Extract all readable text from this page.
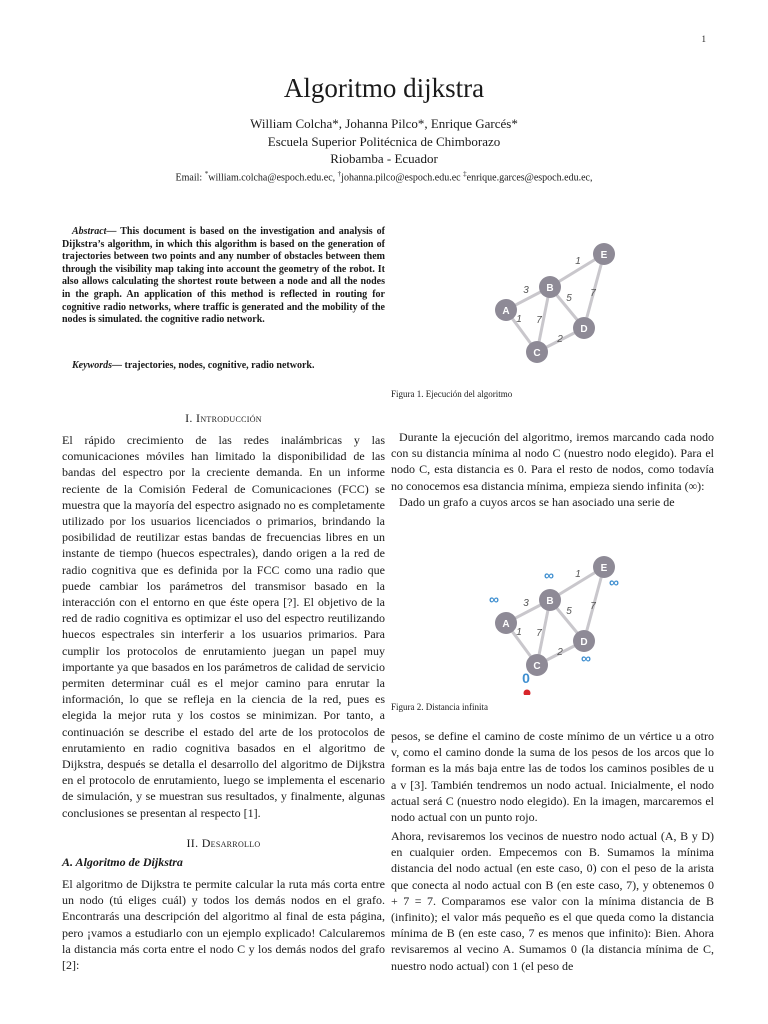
1
Algoritmo dijkstra
William Colcha*, Johanna Pilco*, Enrique Garcés*
Escuela Superior Politécnica de Chimborazo
Riobamba - Ecuador
Email: *william.colcha@espoch.edu.ec, †johanna.pilco@espoch.edu.ec ‡enrique.garces@espoch.edu.ec,
Abstract— This document is based on the investigation and analysis of Dijkstra’s algorithm, in which this algorithm is based on the generation of trajectories between two points and any number of obstacles between them through the visibility map taking into account the geometry of the robot. It also allows calculating the shortest route between a node and all the nodes in the graph. An application of this method is reflected in routing for cognitive radio networks, where traffic is generated and the mobility of the nodes is simulated. the cognitive radio network.
Keywords— trajectories, nodes, cognitive, radio network.
I. Introducción

El rápido crecimiento de las redes inalámbricas y las comunicaciones móviles han limitado la disponibilidad de las bandas del espectro por la creciente demanda. En un informe reciente de la Comisión Federal de Comunicaciones (FCC) se muestra que la mayoría del espectro asignado no es completamente utilizado por los usuarios licenciados o primarios, brindando la posibilidad de reutilizar estas bandas de frecuencias libres en un instante de tiempo (huecos espectrales), dando origen a la red de radio cognitiva que es definida por la FCC como una radio que puede cambiar los parámetros del transmisor basado en la interacción con el entorno en que éste opera [?]. El objetivo de la red de radio cognitiva es optimizar el uso del espectro reutilizando huecos espectrales sin interferir a los usuarios primarios. Para cumplir los protocolos de enrutamiento juegan un papel muy importante ya que basados en los parámetros de calidad de servicio permiten determinar cuál es el mejor camino para enrutar la información, lo que se refleja en la ciencia de la red, pues es elegida la mejor ruta y los costos se minimizan. Por tanto, a continuación se describe el estado del arte de los protocolos de enrutamiento en radio cognitiva basados en el algoritmo de Dijkstra, después se detalla el desarrollo del algoritmo de Dijkstra en el protocolo de enrutamiento, luego se implementa el escenario de simulación, y se muestran sus resultados, y finalmente, algunas conclusiones se presentan al respecto [1].

II. Desarrollo
A. Algoritmo de Dijkstra

El algoritmo de Dijkstra te permite calcular la ruta más corta entre un nodo (tú eliges cuál) y todos los demás nodos en el grafo. Encontrarás una descripción del algoritmo al final de esta página, pero ¡vamos a estudiarlo con un ejemplo explicado! Calcularemos la distancia más corta entre el nodo C y los demás nodos del grafo [2]:

3
1 7
5
1
2
7
A
B
C
D
E
Figura 1. Ejecución del algoritmo

Durante la ejecución del algoritmo, iremos marcando cada nodo con su distancia mínima al nodo C (nuestro nodo elegido). Para el nodo C, esta distancia es 0. Para el resto de nodos, como todavía no conocemos esa distancia mínima, empieza siendo infinita (∞):

Dado un grafo a cuyos arcos se han asociado una serie de

3
1 7
5
1
2
7
A
B
C
D
E
∞
∞
0
∞
∞
Figura 2. Distancia infinita

pesos, se define el camino de coste mínimo de un vértice u a otro v, como el camino donde la suma de los pesos de los arcos que lo forman es la más baja entre las de todos los caminos posibles de u a v [3]. También tendremos un nodo actual. Inicialmente, el nodo actual será C (nuestro nodo elegido). En la imagen, marcaremos el nodo actual con un punto rojo.

Ahora, revisaremos los vecinos de nuestro nodo actual (A, B y D) en cualquier orden. Empecemos con B. Sumamos la mínima distancia del nodo actual (en este caso, 0) con el peso de la arista que conecta al nodo actual con B (en este caso, 7), y obtenemos 0 + 7 = 7. Comparamos ese valor con la mínima distancia de B (infinito); el valor más pequeño es el que queda como la distancia mínima de B (en este caso, 7 es menos que infinito): Bien. Ahora revisaremos al vecino A. Sumamos 0 (la distancia mínima de C, nuestro nodo actual) con 1 (el peso de
